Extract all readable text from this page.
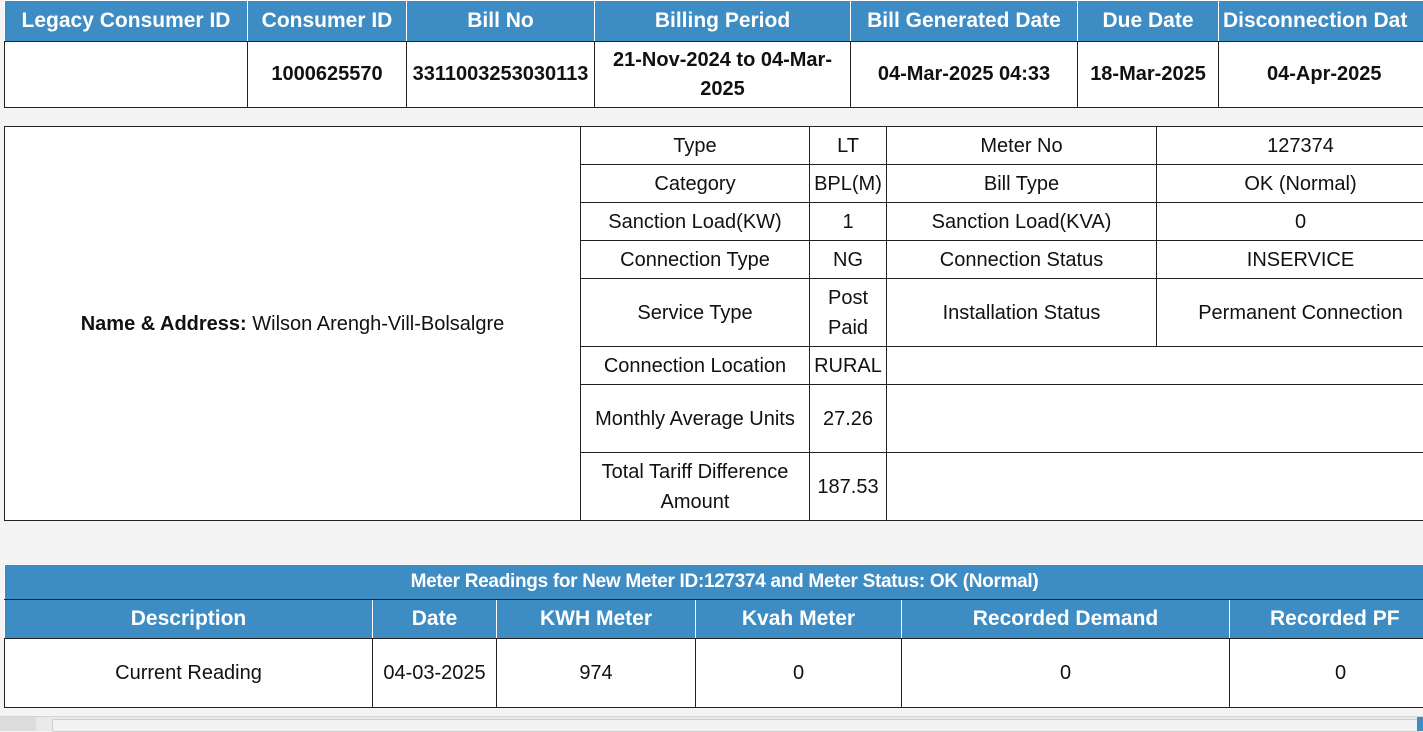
Legacy Consumer ID	Consumer ID	Bill No	Billing Period	Bill Generated Date	Due Date	Disconnection Dat
	1000625570	3311003253030113	21-Nov-2024 to 04-Mar-2025	04-Mar-2025 04:33	18-Mar-2025	04-Apr-2025
Name & Address: Wilson Arengh-Vill-Bolsalgre	Type	LT	Meter No	127374
	Category	BPL(M)	Bill Type	OK (Normal)
	Sanction Load(KW)	1	Sanction Load(KVA)	0
	Connection Type	NG	Connection Status	INSERVICE
	Service Type	Post Paid	Installation Status	Permanent Connection
	Connection Location	RURAL		
	Monthly Average Units	27.26		
	Total Tariff Difference Amount	187.53		
Meter Readings for New Meter ID:127374 and Meter Status: OK (Normal)					
Description	Date	KWH Meter	Kvah Meter	Recorded Demand	Recorded PF
Current Reading	04-03-2025	974	0	0	0
